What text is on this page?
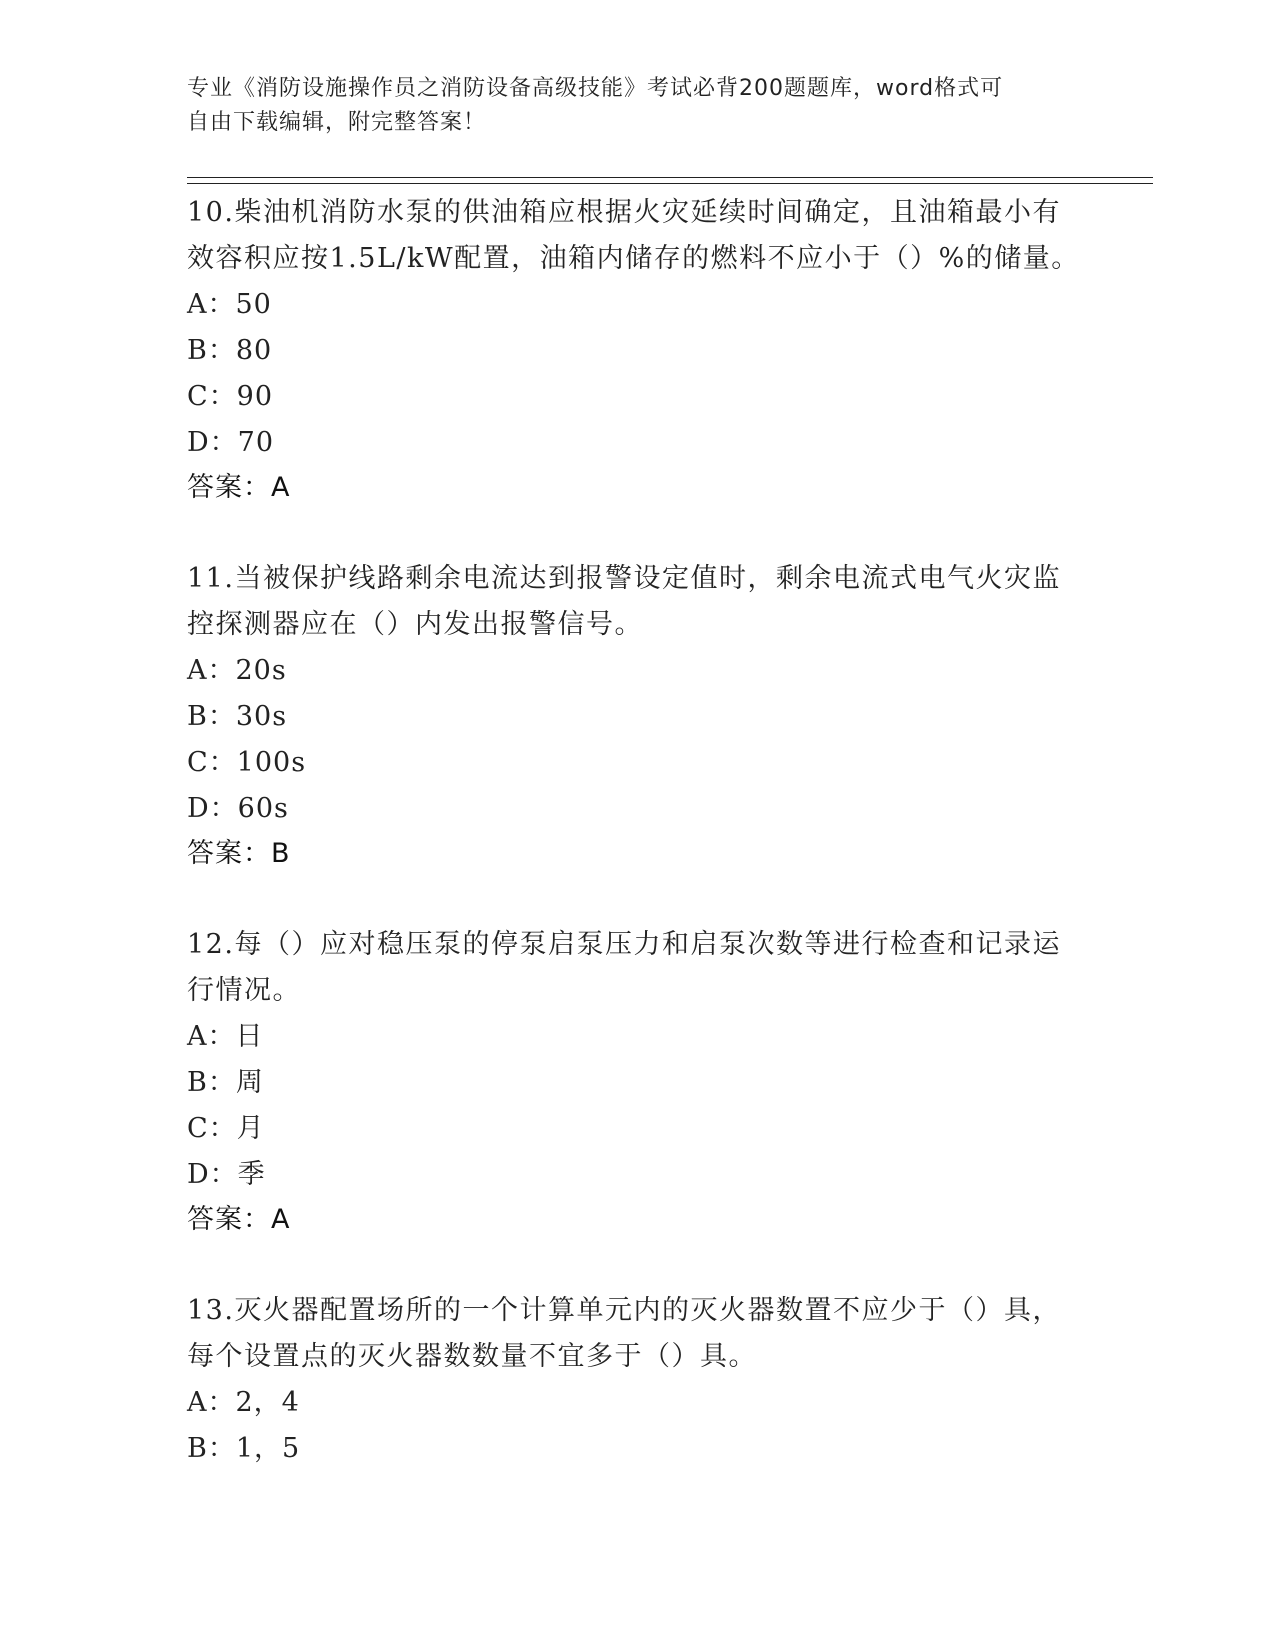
专业《消防设施操作员之消防设备高级技能》考试必背200题题库，word格式可

自由下载编辑，附完整答案！

10.柴油机消防水泵的供油箱应根据火灾延续时间确定，且油箱最小有

效容积应按1.5L/kW配置，油箱内储存的燃料不应小于（）%的储量。

A：50

B：80

C：90

D：70

答案：A

11.当被保护线路剩余电流达到报警设定值时，剩余电流式电气火灾监

控探测器应在（）内发出报警信号。

A：20s

B：30s

C：100s

D：60s

答案：B

12.每（）应对稳压泵的停泵启泵压力和启泵次数等进行检查和记录运

行情况。

A：日

B：周

C：月

D：季

答案：A

13.灭火器配置场所的一个计算单元内的灭火器数置不应少于（）具，

每个设置点的灭火器数数量不宜多于（）具。

A：2，4

B：1，5
